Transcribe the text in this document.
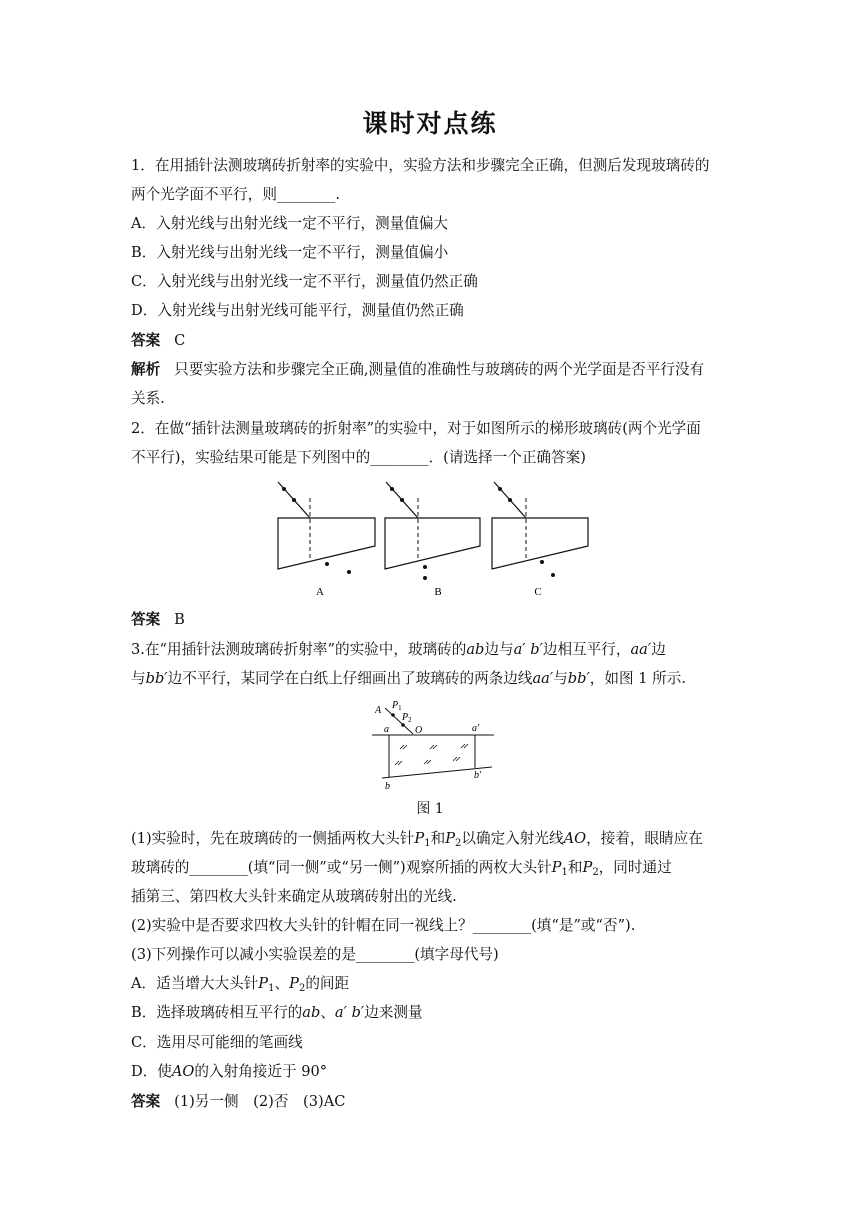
课时对点练
1．在用插针法测玻璃砖折射率的实验中，实验方法和步骤完全正确，但测后发现玻璃砖的
两个光学面不平行，则________.
A．入射光线与出射光线一定不平行，测量值偏大
B．入射光线与出射光线一定不平行，测量值偏小
C．入射光线与出射光线一定不平行，测量值仍然正确
D．入射光线与出射光线可能平行，测量值仍然正确
答案 C
解析 只要实验方法和步骤完全正确,测量值的准确性与玻璃砖的两个光学面是否平行没有
关系.
2．在做“插针法测量玻璃砖的折射率”的实验中，对于如图所示的梯形玻璃砖(两个光学面
不平行)，实验结果可能是下列图中的________．(请选择一个正确答案)
A	B	C
答案 B
3.在“用插针法测玻璃砖折射率”的实验中，玻璃砖的ab边与a′ b′边相互平行，aa′边
与bb′边不平行，某同学在白纸上仔细画出了玻璃砖的两条边线aa′与bb′，如图 1 所示.
A $P_1$
$P_2$
O
a	a′
b
b′
图 1
(1)实验时，先在玻璃砖的一侧插两枚大头针$P_1$和$P_2$以确定入射光线AO，接着，眼睛应在
玻璃砖的________(填“同一侧”或“另一侧”)观察所插的两枚大头针$P_1$和$P_2$，同时通过
插第三、第四枚大头针来确定从玻璃砖射出的光线.
(2)实验中是否要求四枚大头针的针帽在同一视线上？________(填“是”或“否”).
(3)下列操作可以减小实验误差的是________(填字母代号)
A．适当增大大头针$P_1$、$P_2$的间距
B．选择玻璃砖相互平行的ab、a′ b′边来测量
C．选用尽可能细的笔画线
D．使AO的入射角接近于 90°
答案 (1)另一侧　(2)否　(3)AC
